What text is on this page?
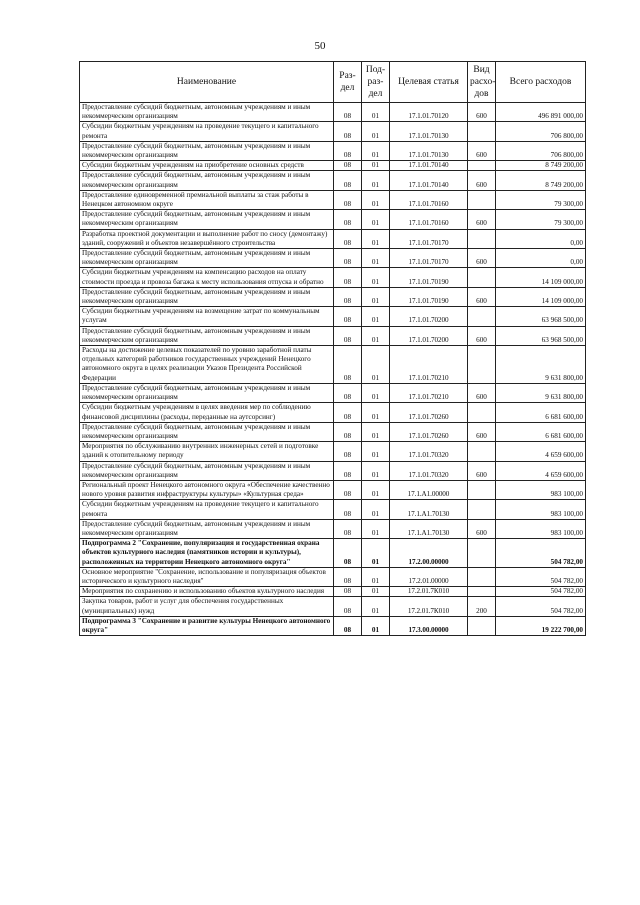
50
Наименование	Раз-дел	Под-раз-дел	Целевая статья	Вид расхо-дов	Всего расходов
Предоставление субсидий бюджетным, автономным учреждениям и иным некоммерческим организациям	08	01	17.1.01.70120	600	496 891 000,00
Субсидии бюджетным учреждениям на проведение текущего и капитального ремонта	08	01	17.1.01.70130		706 800,00
Предоставление субсидий бюджетным, автономным учреждениям и иным некоммерческим организациям	08	01	17.1.01.70130	600	706 800,00
Субсидии бюджетным учреждениям на приобретение основных средств	08	01	17.1.01.70140		8 749 200,00
Предоставление субсидий бюджетным, автономным учреждениям и иным некоммерческим организациям	08	01	17.1.01.70140	600	8 749 200,00
Предоставление единовременной премиальной выплаты за стаж работы в Ненецком автономном округе	08	01	17.1.01.70160		79 300,00
Предоставление субсидий бюджетным, автономным учреждениям и иным некоммерческим организациям	08	01	17.1.01.70160	600	79 300,00
Разработка проектной документации и выполнение работ по сносу (демонтажу) зданий, сооружений и объектов незавершённого строительства	08	01	17.1.01.70170		0,00
Предоставление субсидий бюджетным, автономным учреждениям и иным некоммерческим организациям	08	01	17.1.01.70170	600	0,00
Субсидии бюджетным учреждениям на компенсацию расходов на оплату стоимости проезда и провоза багажа к месту использования отпуска и обратно	08	01	17.1.01.70190		14 109 000,00
Предоставление субсидий бюджетным, автономным учреждениям и иным некоммерческим организациям	08	01	17.1.01.70190	600	14 109 000,00
Субсидии бюджетным учреждениям на возмещение затрат по коммунальным услугам	08	01	17.1.01.70200		63 968 500,00
Предоставление субсидий бюджетным, автономным учреждениям и иным некоммерческим организациям	08	01	17.1.01.70200	600	63 968 500,00
Расходы на достижение целевых показателей по уровню заработной платы отдельных категорий работников государственных учреждений Ненецкого автономного округа в целях реализации Указов Президента Российской Федерации	08	01	17.1.01.70210		9 631 800,00
Предоставление субсидий бюджетным, автономным учреждениям и иным некоммерческим организациям	08	01	17.1.01.70210	600	9 631 800,00
Субсидии бюджетным учреждениям в целях введения мер по соблюдению финансовой дисциплины (расходы, переданные на аутсорсинг)	08	01	17.1.01.70260		6 681 600,00
Предоставление субсидий бюджетным, автономным учреждениям и иным некоммерческим организациям	08	01	17.1.01.70260	600	6 681 600,00
Мероприятия по обслуживанию внутренних инженерных сетей и подготовке зданий к отопительному периоду	08	01	17.1.01.70320		4 659 600,00
Предоставление субсидий бюджетным, автономным учреждениям и иным некоммерческим организациям	08	01	17.1.01.70320	600	4 659 600,00
Региональный проект Ненецкого автономного округа «Обеспечение качественно нового уровня развития инфраструктуры культуры» «Культурная среда»	08	01	17.1.A1.00000		983 100,00
Субсидии бюджетным учреждениям на проведение текущего и капитального ремонта	08	01	17.1.A1.70130		983 100,00
Предоставление субсидий бюджетным, автономным учреждениям и иным некоммерческим организациям	08	01	17.1.A1.70130	600	983 100,00
Подпрограмма 2 "Сохранение, популяризация и государственная охрана объектов культурного наследия (памятников истории и культуры), расположенных на территории Ненецкого автономного округа"	08	01	17.2.00.00000		504 782,00
Основное мероприятие "Сохранение, использование и популяризация объектов исторического и культурного наследия"	08	01	17.2.01.00000		504 782,00
Мероприятия по сохранению и использованию объектов культурного наследия	08	01	17.2.01.7К010		504 782,00
Закупка товаров, работ и услуг для обеспечения государственных (муниципальных) нужд	08	01	17.2.01.7К010	200	504 782,00
Подпрограмма 3 "Сохранение и развитие культуры Ненецкого автономного округа"	08	01	17.3.00.00000		19 222 700,00
